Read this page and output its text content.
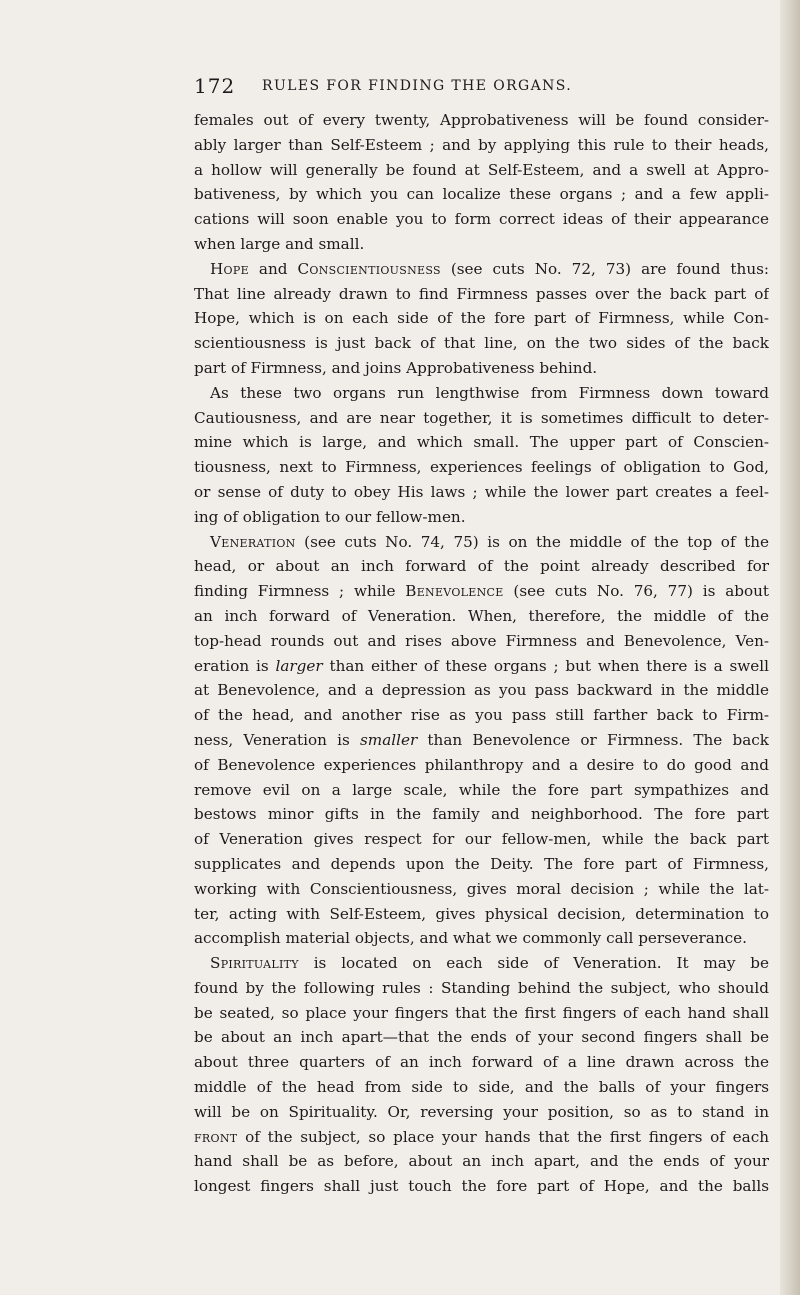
172 RULES FOR FINDING THE ORGANS.
females out of every twenty, Approbativeness will be found consider-
ably larger than Self-Esteem ; and by applying this rule to their heads,
a hollow will generally be found at Self-Esteem, and a swell at Appro-
bativeness, by which you can localize these organs ; and a few appli-
cations will soon enable you to form correct ideas of their appearance
when large and small.
Hope and Conscientiousness (see cuts No. 72, 73) are found thus:
That line already drawn to find Firmness passes over the back part of
Hope, which is on each side of the fore part of Firmness, while Con-
scientiousness is just back of that line, on the two sides of the back
part of Firmness, and joins Approbativeness behind.
As these two organs run lengthwise from Firmness down toward
Cautiousness, and are near together, it is sometimes difficult to deter-
mine which is large, and which small. The upper part of Conscien-
tiousness, next to Firmness, experiences feelings of obligation to God,
or sense of duty to obey His laws ; while the lower part creates a feel-
ing of obligation to our fellow-men.
Veneration (see cuts No. 74, 75) is on the middle of the top of the
head, or about an inch forward of the point already described for
finding Firmness ; while Benevolence (see cuts No. 76, 77) is about
an inch forward of Veneration. When, therefore, the middle of the
top-head rounds out and rises above Firmness and Benevolence, Ven-
eration is larger than either of these organs ; but when there is a swell
at Benevolence, and a depression as you pass backward in the middle
of the head, and another rise as you pass still farther back to Firm-
ness, Veneration is smaller than Benevolence or Firmness. The back
of Benevolence experiences philanthropy and a desire to do good and
remove evil on a large scale, while the fore part sympathizes and
bestows minor gifts in the family and neighborhood. The fore part
of Veneration gives respect for our fellow-men, while the back part
supplicates and depends upon the Deity. The fore part of Firmness,
working with Conscientiousness, gives moral decision ; while the lat-
ter, acting with Self-Esteem, gives physical decision, determination to
accomplish material objects, and what we commonly call perseverance.
Spirituality is located on each side of Veneration. It may be
found by the following rules : Standing behind the subject, who should
be seated, so place your fingers that the first fingers of each hand shall
be about an inch apart—that the ends of your second fingers shall be
about three quarters of an inch forward of a line drawn across the
middle of the head from side to side, and the balls of your fingers
will be on Spirituality. Or, reversing your position, so as to stand in
front of the subject, so place your hands that the first fingers of each
hand shall be as before, about an inch apart, and the ends of your
longest fingers shall just touch the fore part of Hope, and the balls
